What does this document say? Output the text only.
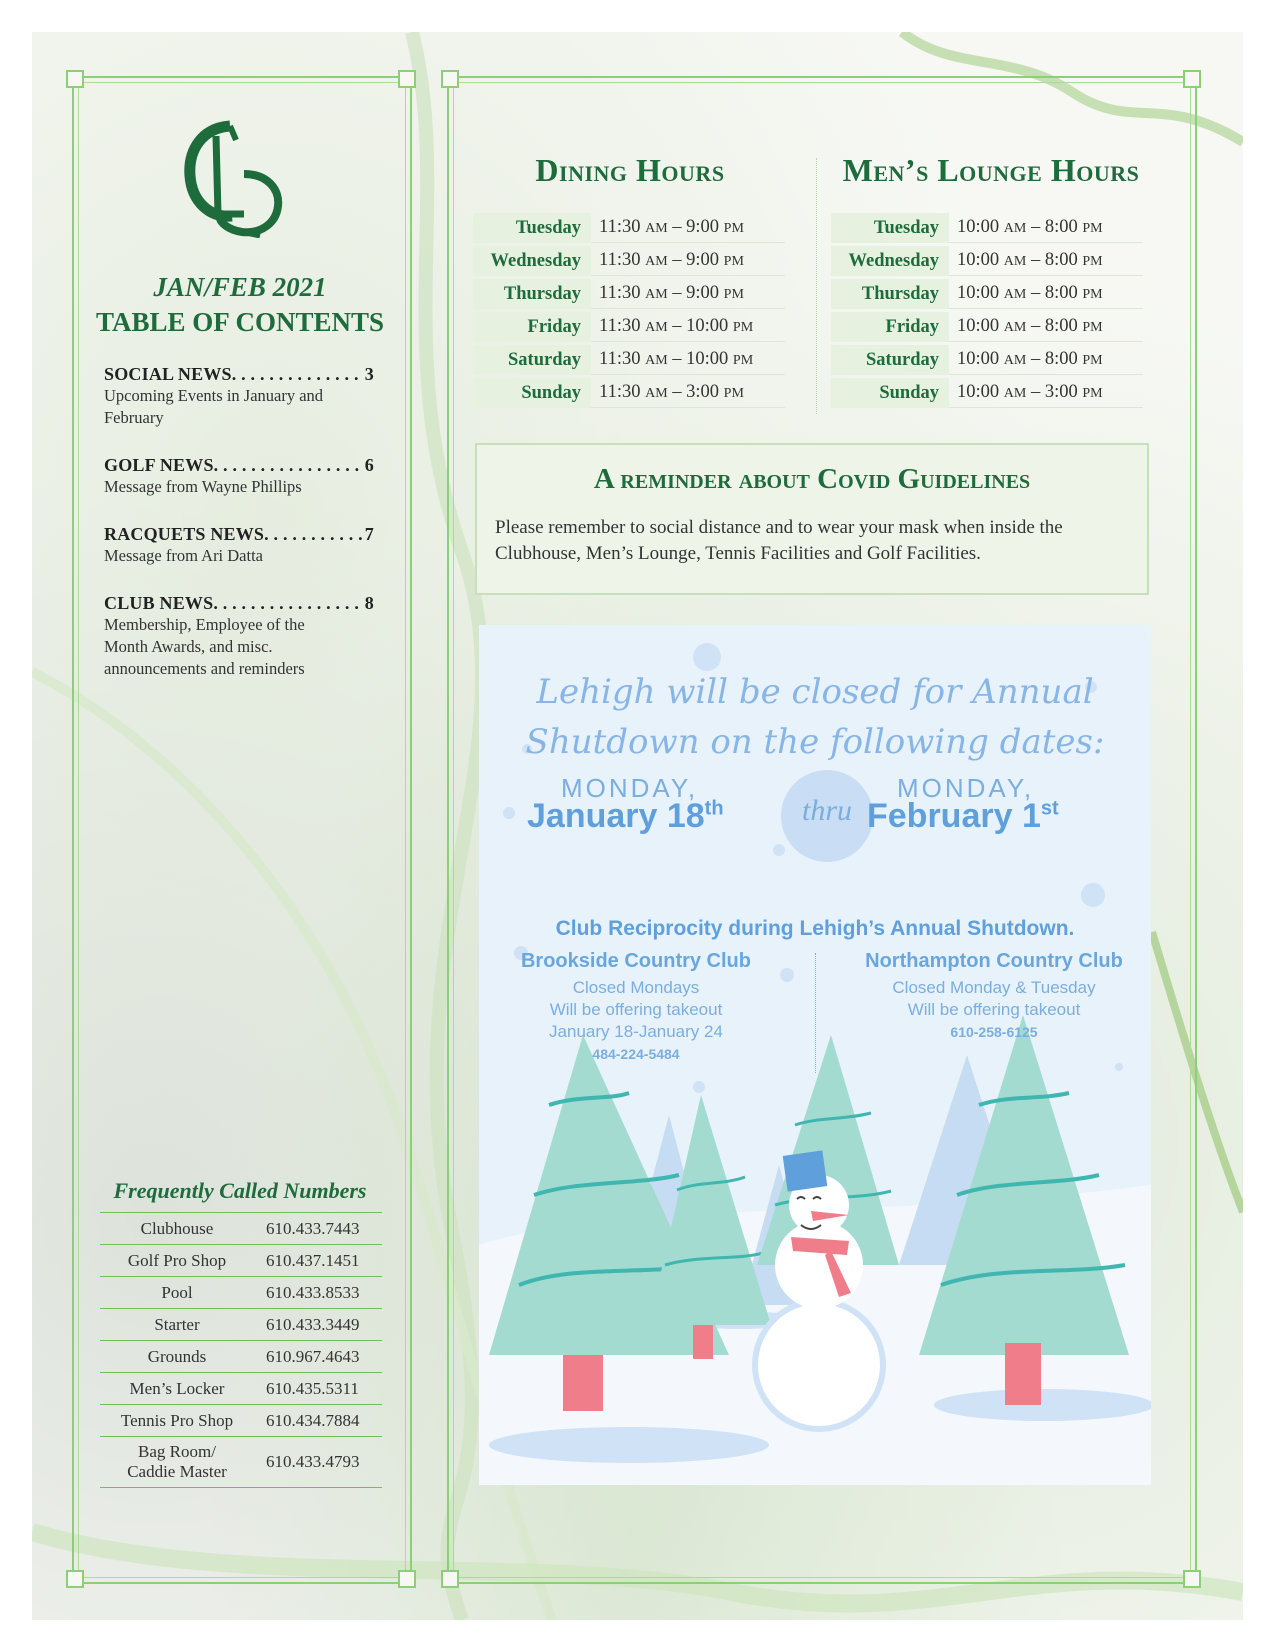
JAN/FEB 2021
TABLE OF CONTENTS
SOCIAL NEWS . . .	3
Upcoming Events in January and February
GOLF NEWS . . .	6
Message from Wayne Phillips
RACQUETS NEWS . . .	7
Message from Ari Datta
CLUB NEWS . . .	8
Membership, Employee of the Month Awards, and misc. announcements and reminders
Frequently Called Numbers
Clubhouse	610.433.7443
Golf Pro Shop	610.437.1451
Pool	610.433.8533
Starter	610.433.3449
Grounds	610.967.4643
Men’s Locker	610.435.5311
Tennis Pro Shop	610.434.7884
Bag Room/
Caddie Master	610.433.4793
Dining Hours
Tuesday	11:30 AM – 9:00 PM
Wednesday	11:30 AM – 9:00 PM
Thursday	11:30 AM – 9:00 PM
Friday	11:30 AM – 10:00 PM
Saturday	11:30 AM – 10:00 PM
Sunday	11:30 AM – 3:00 PM
Men’s Lounge Hours
Tuesday	10:00 AM – 8:00 PM
Wednesday	10:00 AM – 8:00 PM
Thursday	10:00 AM – 8:00 PM
Friday	10:00 AM – 8:00 PM
Saturday	10:00 AM – 8:00 PM
Sunday	10:00 AM – 3:00 PM
A reminder about Covid Guidelines
Please remember to social distance and to wear your mask when inside the Clubhouse, Men’s Lounge, Tennis Facilities and Golf Facilities.
Lehigh will be closed for Annual
Shutdown on the following dates:
MONDAY,
January 18th	thru
MONDAY,
February 1st
Club Reciprocity during Lehigh’s Annual Shutdown.
Brookside Country Club
Closed Mondays
Will be offering takeout
January 18-January 24
484-224-5484
Northampton Country Club
Closed Monday & Tuesday
Will be offering takeout
610-258-6125
